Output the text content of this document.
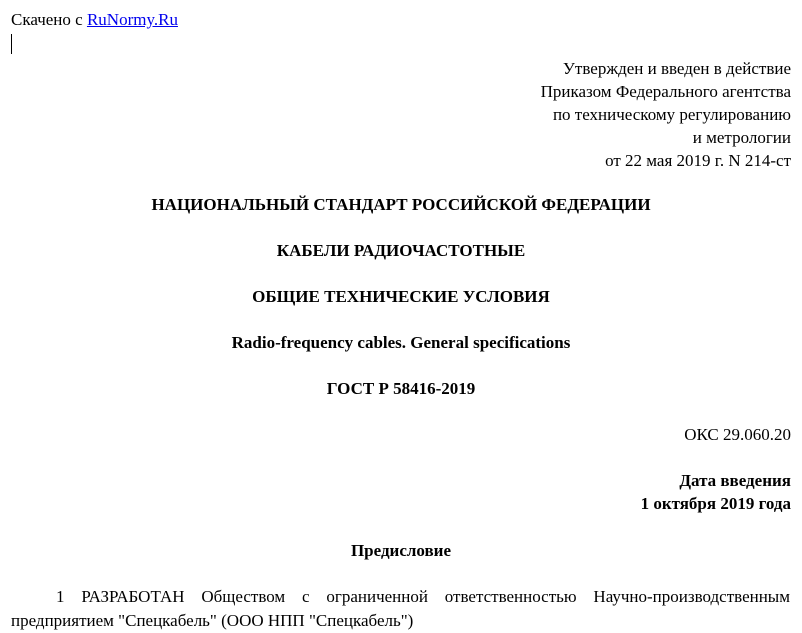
Скачено с RuNormy.Ru
Утвержден и введен в действие
Приказом Федерального агентства
по техническому регулированию
и метрологии
от 22 мая 2019 г. N 214-ст
НАЦИОНАЛЬНЫЙ СТАНДАРТ РОССИЙСКОЙ ФЕДЕРАЦИИ
КАБЕЛИ РАДИОЧАСТОТНЫЕ
ОБЩИЕ ТЕХНИЧЕСКИЕ УСЛОВИЯ
Radio-frequency cables. General specifications
ГОСТ Р 58416-2019
ОКС 29.060.20
Дата введения
1 октября 2019 года
Предисловие
1 РАЗРАБОТАН Обществом с ограниченной ответственностью Научно-производственным предприятием "Спецкабель" (ООО НПП "Спецкабель")
